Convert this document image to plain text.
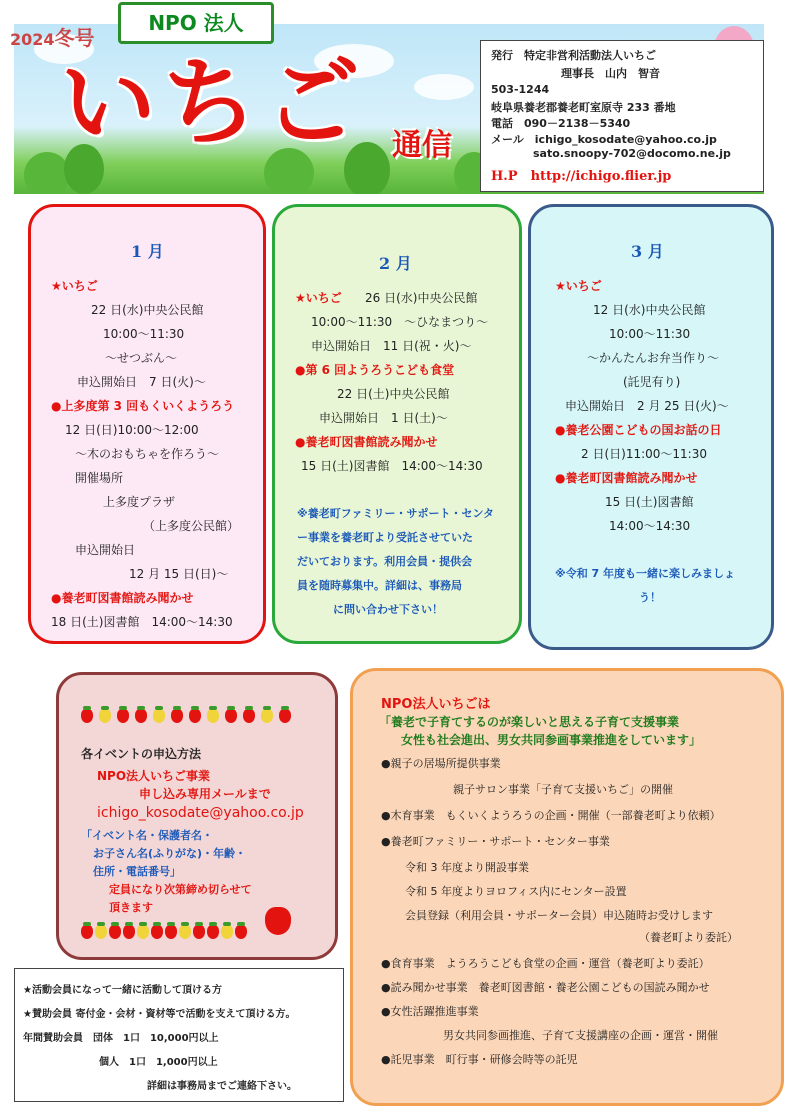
2024冬号
NPO 法人
いちご 通信
発行　特定非営利活動法人いちご
理事長　山内　智音
503-1244
岐阜県養老郡養老町室原寺 233 番地
電話　090－2138－5340
メール　ichigo_kosodate@yahoo.co.jp
sato.snoopy-702@docomo.ne.jp
H.P　http://ichigo.flier.jp
1 月
★いちご
22 日(水)中央公民館
10:00～11:30
～せつぶん～
申込開始日　7 日(火)～
●上多度第 3 回もくいくようろう
12 日(日)10:00～12:00
～木のおもちゃを作ろう～
開催場所
上多度プラザ
（上多度公民館）
申込開始日
12 月 15 日(日)～
●養老町図書館読み聞かせ
18 日(土)図書館　14:00～14:30
2 月
★いちご 26 日(水)中央公民館
10:00～11:30　～ひなまつり～
申込開始日　11 日(祝・火)～
●第 6 回ようろうこども食堂
22 日(土)中央公民館
申込開始日　1 日(土)～
●養老町図書館読み聞かせ
15 日(土)図書館　14:00～14:30
※養老町ファミリー・サポート・センタ
ー事業を養老町より受託させていた
だいております。利用会員・提供会
員を随時募集中。詳細は、事務局
に問い合わせ下さい！
3 月
★いちご
12 日(水)中央公民館
10:00～11:30
～かんたんお弁当作り～
(託児有り)
申込開始日　2 月 25 日(火)～
●養老公園こどもの国お話の日
2 日(日)11:00～11:30
●養老町図書館読み聞かせ
15 日(土)図書館
14:00～14:30
※令和 7 年度も一緒に楽しみましょ
う！
各イベントの申込方法
NPO法人いちご事業
申し込み専用メールまで
ichigo_kosodate@yahoo.co.jp
「イベント名・保護者名・
お子さん名(ふりがな)・年齢・
住所・電話番号」
定員になり次第締め切らせて
頂きます
NPO法人いちごは
「養老で子育てするのが楽しいと思える子育て支援事業
女性も社会進出、男女共同参画事業推進をしています」
●親子の居場所提供事業
親子サロン事業「子育て支援いちご」の開催
●木育事業　もくいくようろうの企画・開催（一部養老町より依頼）
●養老町ファミリー・サポート・センター事業
令和 3 年度より開設事業
令和 5 年度よりヨロフィス内にセンター設置
会員登録（利用会員・サポーター会員）申込随時お受けします
（養老町より委託）
●食育事業　ようろうこども食堂の企画・運営（養老町より委託）
●読み聞かせ事業　養老町図書館・養老公園こどもの国読み聞かせ
●女性活躍推進事業
男女共同参画推進、子育て支援講座の企画・運営・開催
●託児事業　町行事・研修会時等の託児
★活動会員になって一緒に活動して頂ける方
★賛助会員 寄付金・会材・資材等で活動を支えて頂ける方。
年間賛助会員　団体　1口　10,000円以上
個人　1口　1,000円以上
詳細は事務局までご連絡下さい。
